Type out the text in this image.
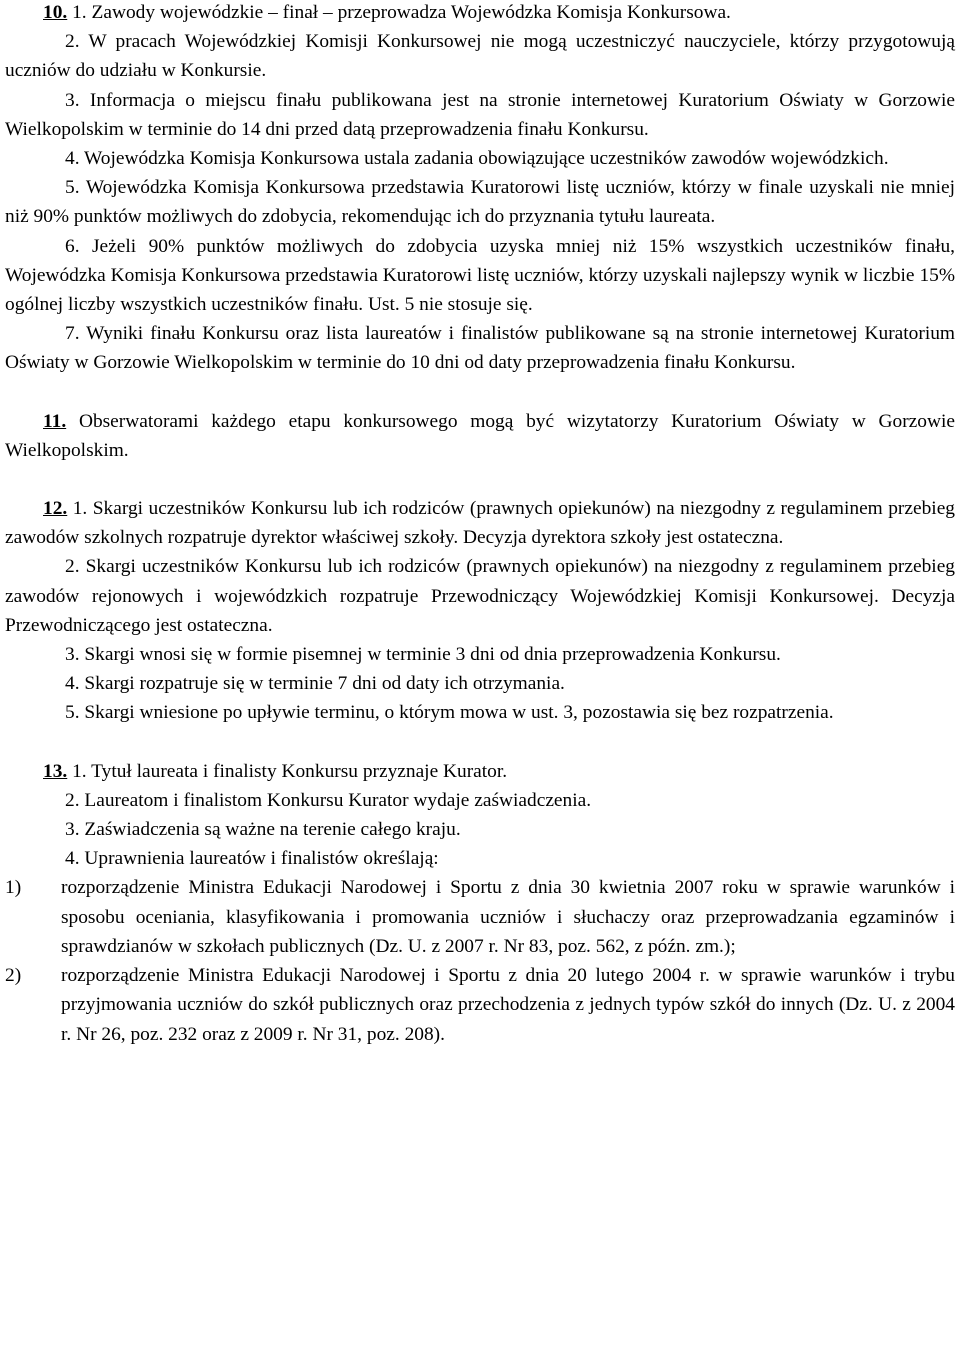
10. 1. Zawody wojewódzkie – finał – przeprowadza Wojewódzka Komisja Konkursowa.

2. W pracach Wojewódzkiej Komisji Konkursowej nie mogą uczestniczyć nauczyciele, którzy przygotowują uczniów do udziału w Konkursie.

3. Informacja o miejscu finału publikowana jest na stronie internetowej Kuratorium Oświaty w Gorzowie Wielkopolskim w terminie do 14 dni przed datą przeprowadzenia finału Konkursu.

4. Wojewódzka Komisja Konkursowa ustala zadania obowiązujące uczestników zawodów wojewódzkich.

5. Wojewódzka Komisja Konkursowa przedstawia Kuratorowi listę uczniów, którzy w finale uzyskali nie mniej niż 90% punktów możliwych do zdobycia, rekomendując ich do przyznania tytułu laureata.

6. Jeżeli 90% punktów możliwych do zdobycia uzyska mniej niż 15% wszystkich uczestników finału, Wojewódzka Komisja Konkursowa przedstawia Kuratorowi listę uczniów, którzy uzyskali najlepszy wynik w liczbie 15% ogólnej liczby wszystkich uczestników finału. Ust. 5 nie stosuje się.

7. Wyniki finału Konkursu oraz lista laureatów i finalistów publikowane są na stronie internetowej Kuratorium Oświaty w Gorzowie Wielkopolskim w terminie do 10 dni od daty przeprowadzenia finału Konkursu.

11. Obserwatorami każdego etapu konkursowego mogą być wizytatorzy Kuratorium Oświaty w Gorzowie Wielkopolskim.

12. 1. Skargi uczestników Konkursu lub ich rodziców (prawnych opiekunów) na niezgodny z regulaminem przebieg zawodów szkolnych rozpatruje dyrektor właściwej szkoły. Decyzja dyrektora szkoły jest ostateczna.

2. Skargi uczestników Konkursu lub ich rodziców (prawnych opiekunów) na niezgodny z regulaminem przebieg zawodów rejonowych i wojewódzkich rozpatruje Przewodniczący Wojewódzkiej Komisji Konkursowej. Decyzja Przewodniczącego jest ostateczna.

3. Skargi wnosi się w formie pisemnej w terminie 3 dni od dnia przeprowadzenia Konkursu.

4. Skargi rozpatruje się w terminie 7 dni od daty ich otrzymania.

5. Skargi wniesione po upływie terminu, o którym mowa w ust. 3, pozostawia się bez rozpatrzenia.

13. 1. Tytuł laureata i finalisty Konkursu przyznaje Kurator.

2. Laureatom i finalistom Konkursu Kurator wydaje zaświadczenia.

3. Zaświadczenia są ważne na terenie całego kraju.

4. Uprawnienia laureatów i finalistów określają:

1)	rozporządzenie Ministra Edukacji Narodowej i Sportu z dnia 30 kwietnia 2007 roku w sprawie warunków i sposobu oceniania, klasyfikowania i promowania uczniów i słuchaczy oraz przeprowadzania egzaminów i sprawdzianów w szkołach publicznych (Dz. U. z 2007 r. Nr 83, poz. 562, z późn. zm.);
2)	rozporządzenie Ministra Edukacji Narodowej i Sportu z dnia 20 lutego 2004 r. w sprawie warunków i trybu przyjmowania uczniów do szkół publicznych oraz przechodzenia z jednych typów szkół do innych (Dz. U. z 2004 r. Nr 26, poz. 232 oraz z 2009 r. Nr 31, poz. 208).
